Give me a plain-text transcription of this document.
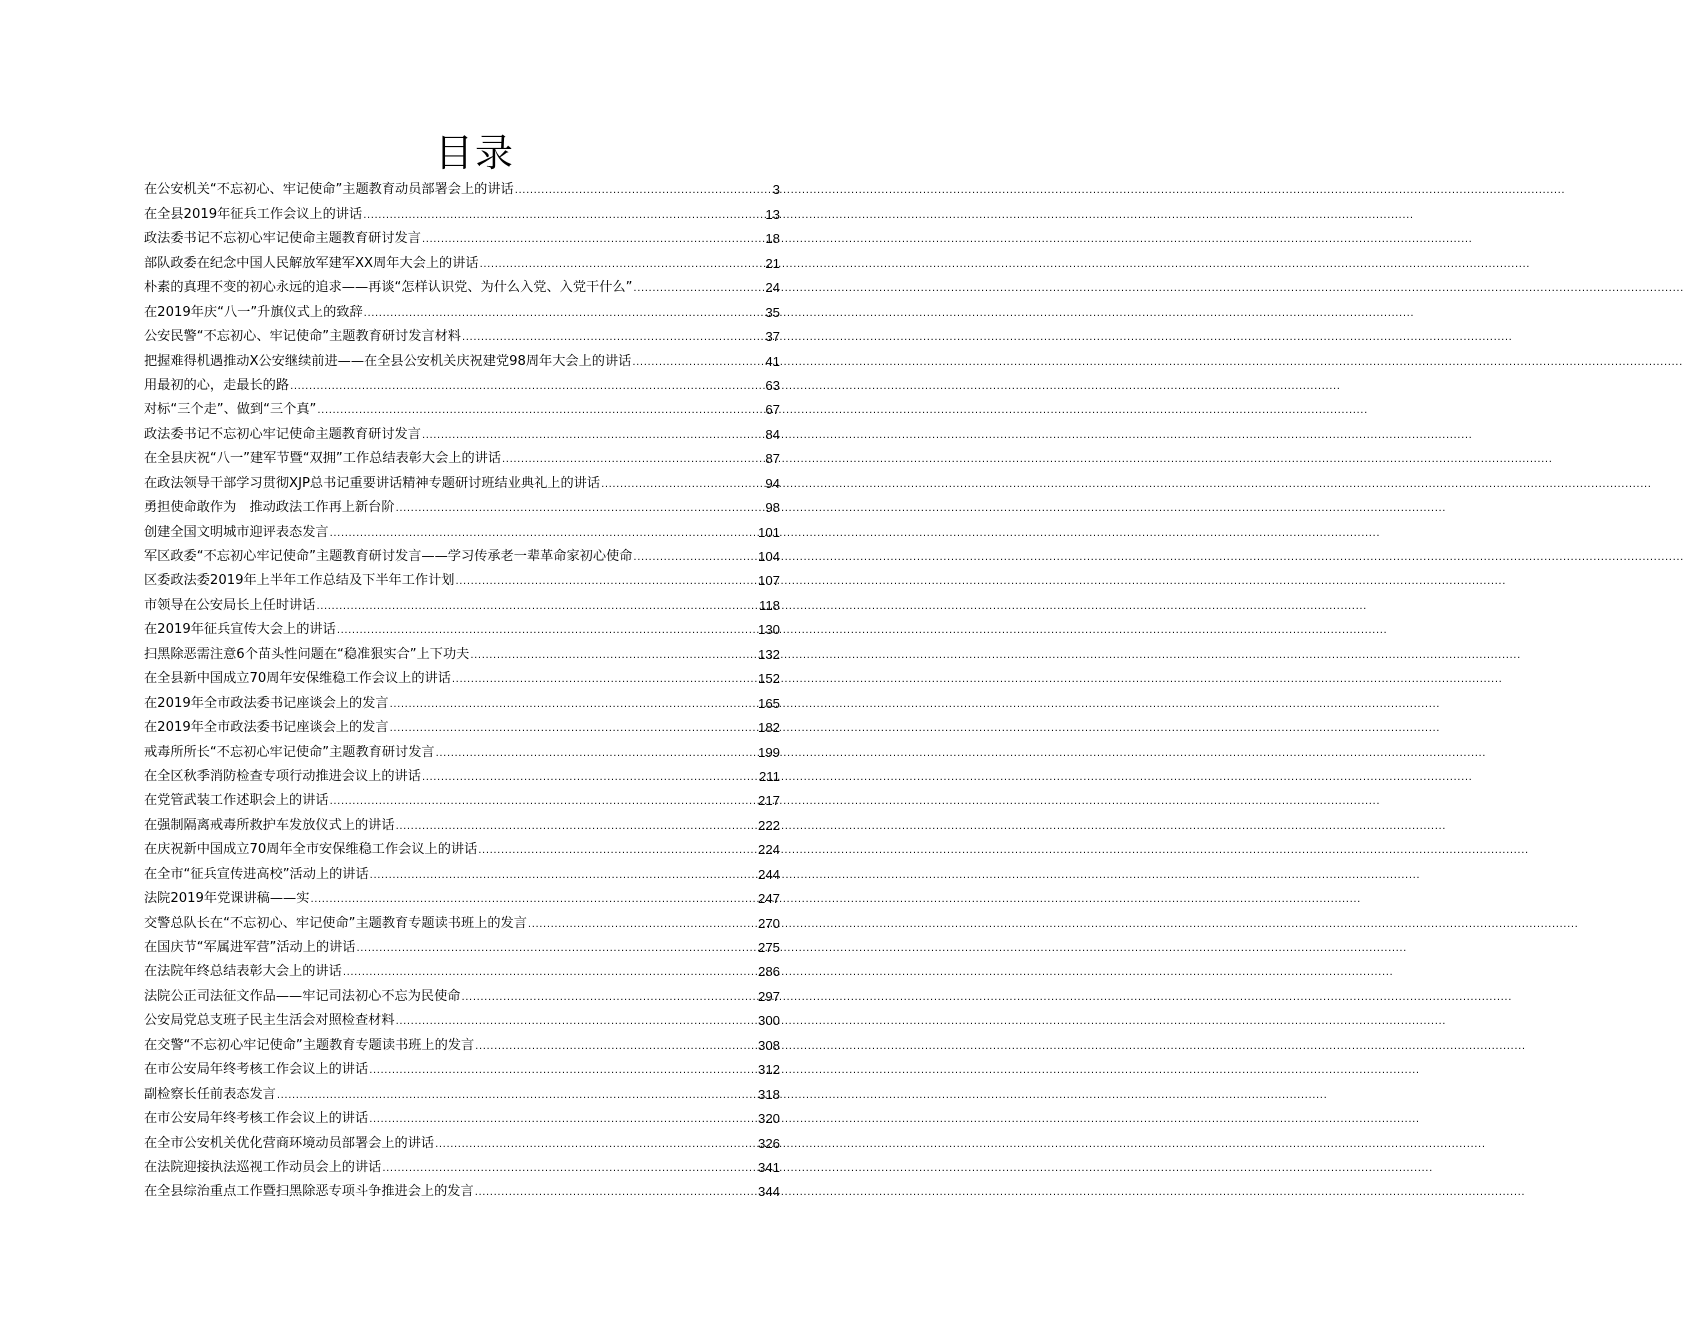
目录
在公安机关“不忘初心、牢记使命”主题教育动员部署会上的讲话 .....	3
在全县2019年征兵工作会议上的讲话 .....	13
政法委书记不忘初心牢记使命主题教育研讨发言 .....	18
部队政委在纪念中国人民解放军建军XX周年大会上的讲话 .....	21
朴素的真理不变的初心永远的追求——再谈“怎样认识党、为什么入党、入党干什么” .....	24
在2019年庆“八一”升旗仪式上的致辞 .....	35
公安民警“不忘初心、牢记使命”主题教育研讨发言材料 .....	37
把握难得机遇推动X公安继续前进——在全县公安机关庆祝建党98周年大会上的讲话 .....	41
用最初的心，走最长的路 .....	63
对标“三个走”、做到“三个真” .....	67
政法委书记不忘初心牢记使命主题教育研讨发言 .....	84
在全县庆祝“八一”建军节暨“双拥”工作总结表彰大会上的讲话 .....	87
在政法领导干部学习贯彻XJP总书记重要讲话精神专题研讨班结业典礼上的讲话 .....	94
勇担使命敢作为　推动政法工作再上新台阶 .....	98
创建全国文明城市迎评表态发言 .....	101
军区政委“不忘初心牢记使命”主题教育研讨发言——学习传承老一辈革命家初心使命 .....	104
区委政法委2019年上半年工作总结及下半年工作计划 .....	107
市领导在公安局长上任时讲话 .....	118
在2019年征兵宣传大会上的讲话 .....	130
扫黑除恶需注意6个苗头性问题在“稳准狠实合”上下功夫 .....	132
在全县新中国成立70周年安保维稳工作会议上的讲话 .....	152
在2019年全市政法委书记座谈会上的发言 .....	165
在2019年全市政法委书记座谈会上的发言 .....	182
戒毒所所长“不忘初心牢记使命”主题教育研讨发言 .....	199
在全区秋季消防检查专项行动推进会议上的讲话 .....	211
在党管武装工作述职会上的讲话 .....	217
在强制隔离戒毒所救护车发放仪式上的讲话 .....	222
在庆祝新中国成立70周年全市安保维稳工作会议上的讲话 .....	224
在全市“征兵宣传进高校”活动上的讲话 .....	244
法院2019年党课讲稿——实 .....	247
交警总队长在“不忘初心、牢记使命”主题教育专题读书班上的发言 .....	270
在国庆节“军属进军营”活动上的讲话 .....	275
在法院年终总结表彰大会上的讲话 .....	286
法院公正司法征文作品——牢记司法初心不忘为民使命 .....	297
公安局党总支班子民主生活会对照检查材料 .....	300
在交警“不忘初心牢记使命”主题教育专题读书班上的发言 .....	308
在市公安局年终考核工作会议上的讲话 .....	312
副检察长任前表态发言 .....	318
在市公安局年终考核工作会议上的讲话 .....	320
在全市公安机关优化营商环境动员部署会上的讲话 .....	326
在法院迎接执法巡视工作动员会上的讲话 .....	341
在全县综治重点工作暨扫黑除恶专项斗争推进会上的发言 .....	344
